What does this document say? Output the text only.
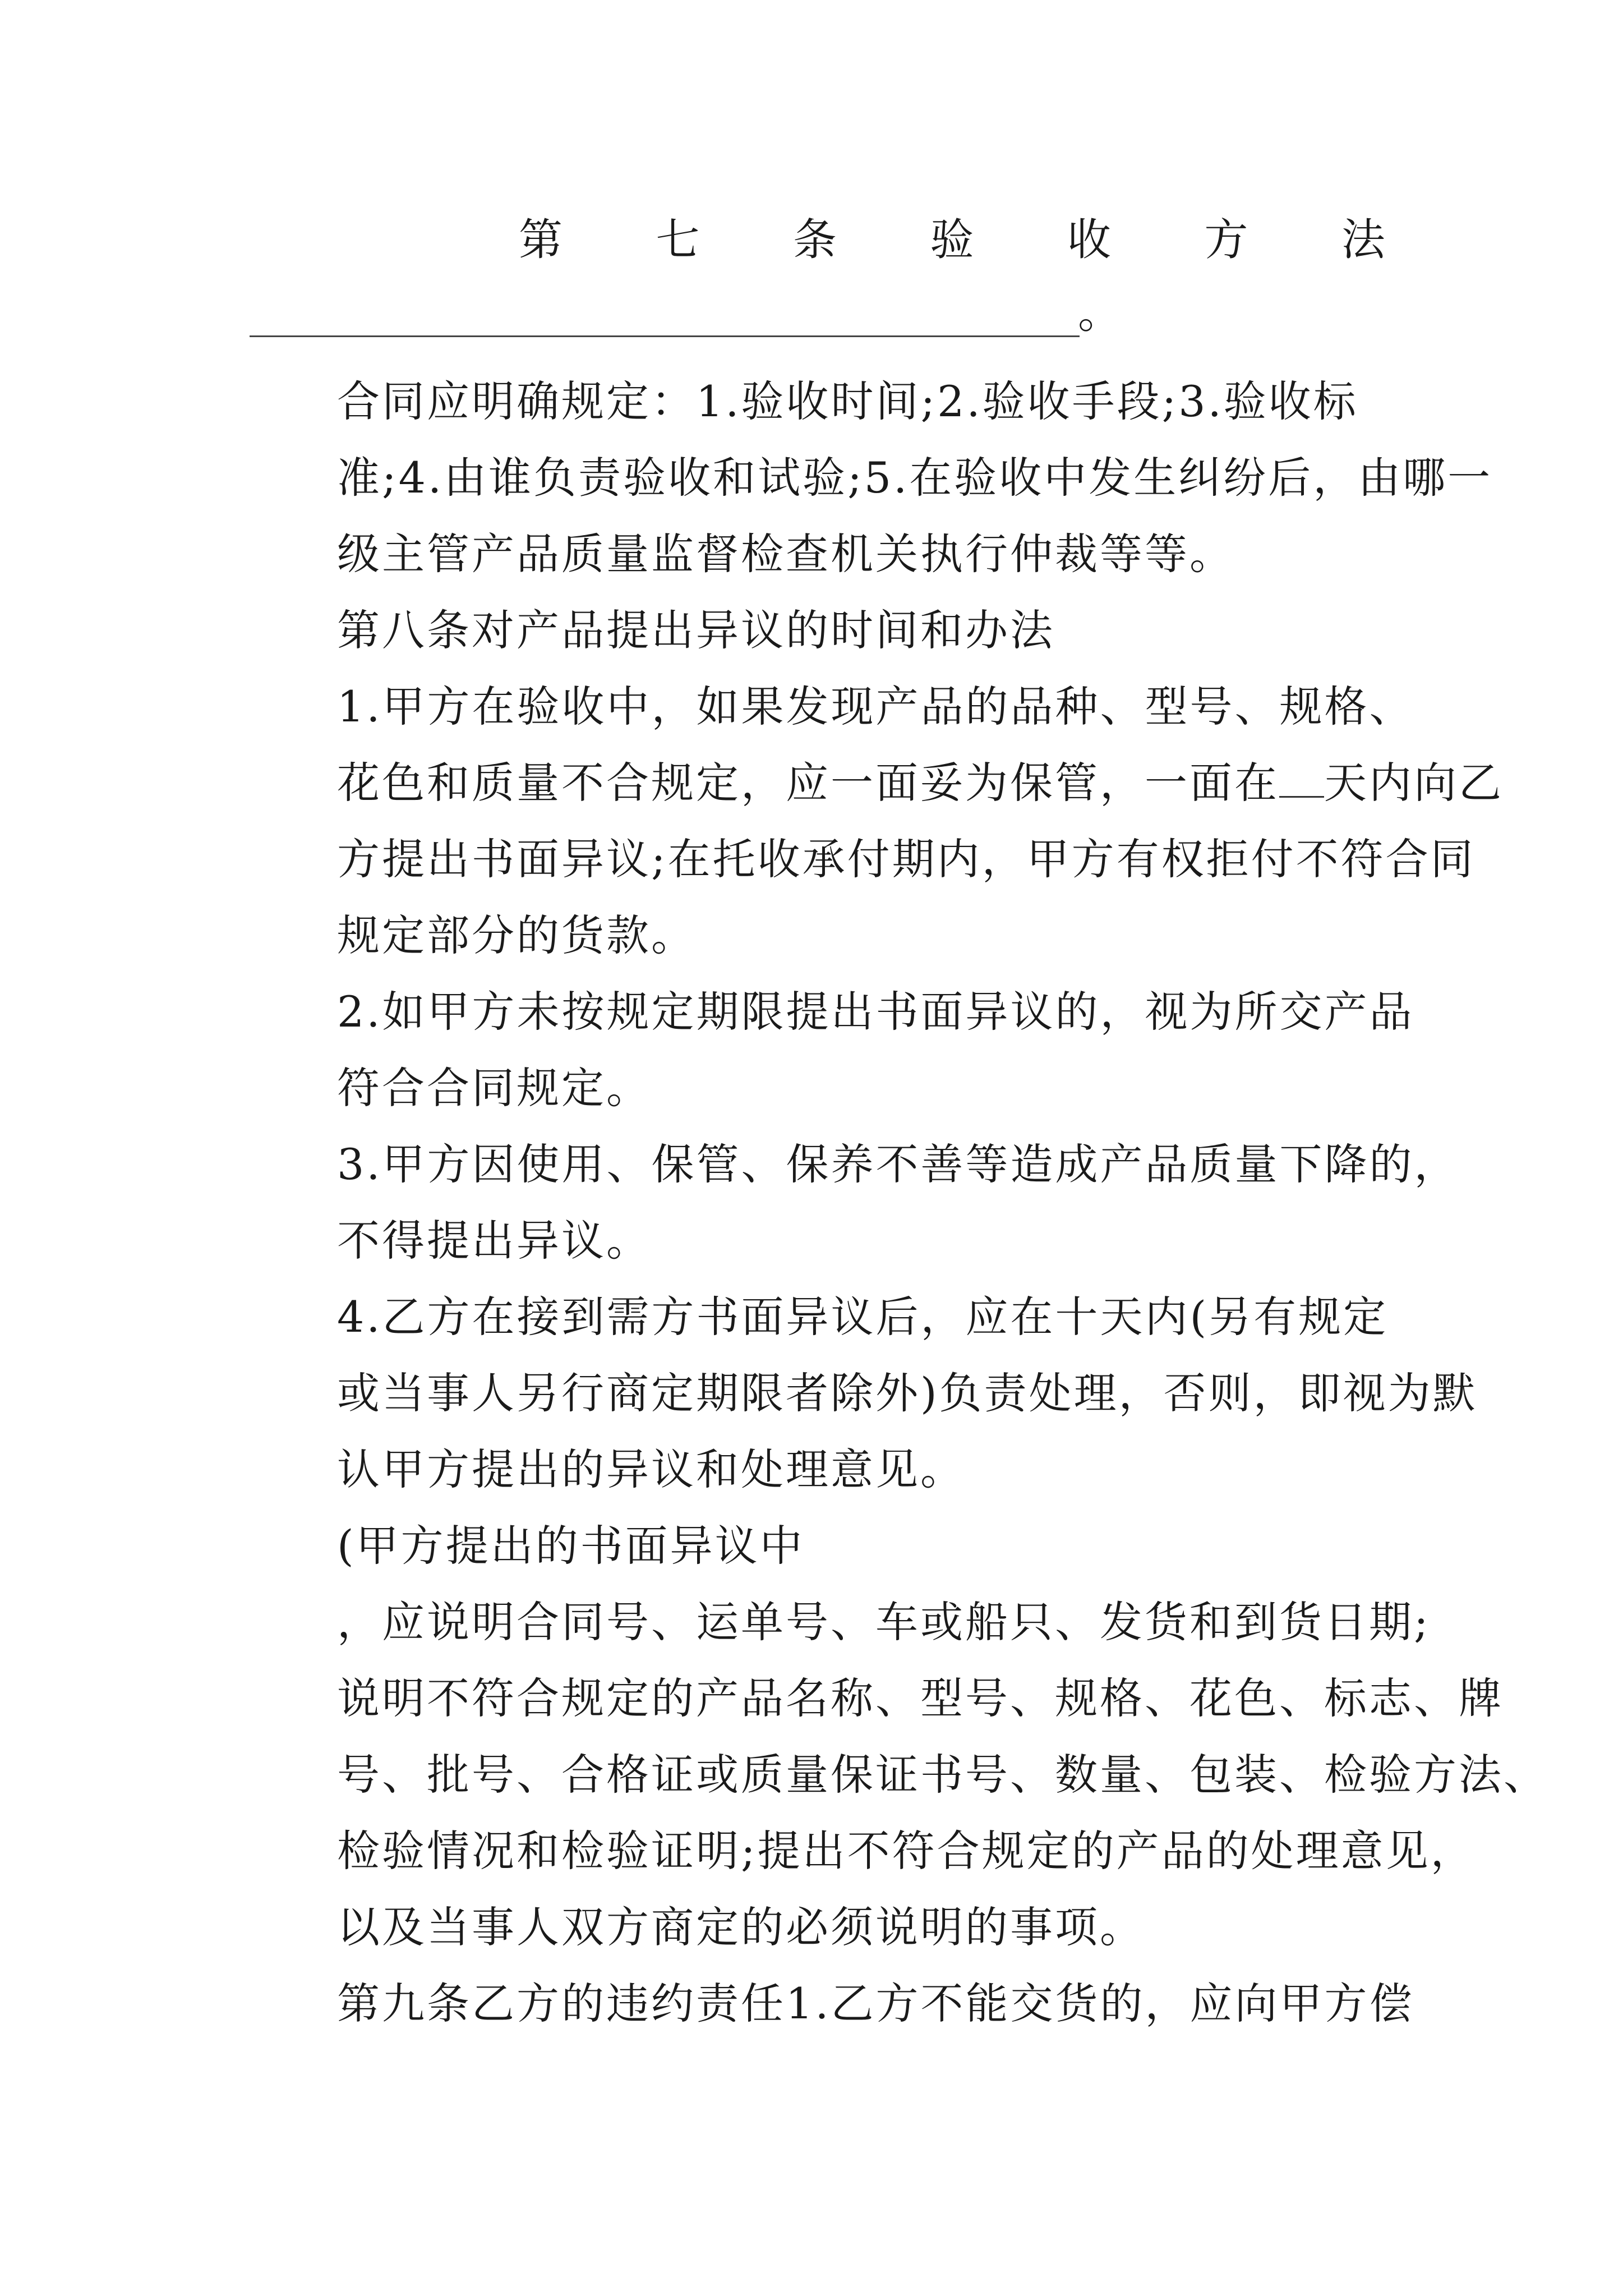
第 七 条 验 收 方 法
。

合同应明确规定：1.验收时间;2.验收手段;3.验收标
准;4.由谁负责验收和试验;5.在验收中发生纠纷后，由哪一
级主管产品质量监督检查机关执行仲裁等等。

第八条对产品提出异议的时间和办法

1.甲方在验收中，如果发现产品的品种、型号、规格、
花色和质量不合规定，应一面妥为保管，一面在 天内向乙
方提出书面异议;在托收承付期内，甲方有权拒付不符合同
规定部分的货款。

2.如甲方未按规定期限提出书面异议的，视为所交产品
符合合同规定。

3.甲方因使用、保管、保养不善等造成产品质量下降的，
不得提出异议。

4.乙方在接到需方书面异议后，应在十天内(另有规定
或当事人另行商定期限者除外)负责处理，否则，即视为默
认甲方提出的异议和处理意见。

(甲方提出的书面异议中

，应说明合同号、运单号、车或船只、发货和到货日期;
说明不符合规定的产品名称、型号、规格、花色、标志、牌
号、批号、合格证或质量保证书号、数量、包装、检验方法、
检验情况和检验证明;提出不符合规定的产品的处理意见，
以及当事人双方商定的必须说明的事项。

第九条乙方的违约责任1.乙方不能交货的，应向甲方偿
